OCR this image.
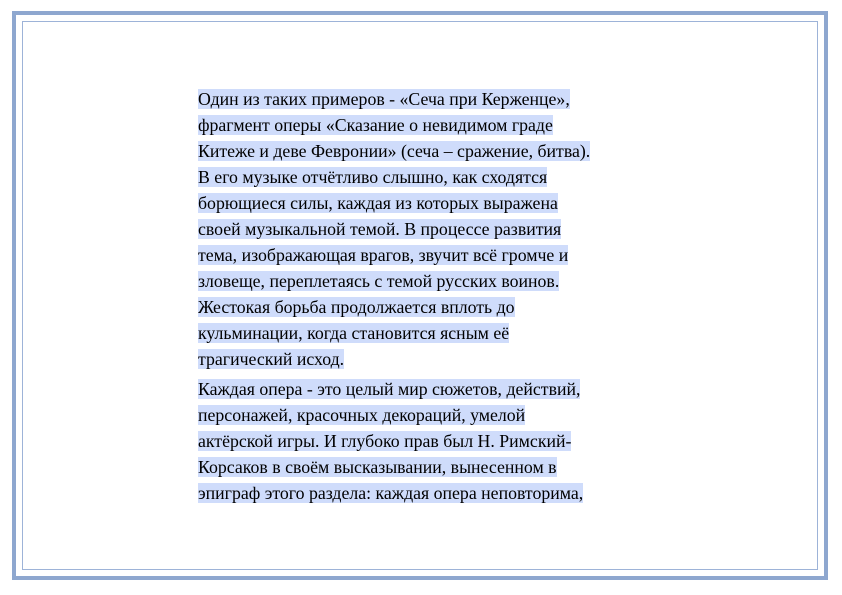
Один из таких примеров - «Сеча при Керженце»,
фрагмент оперы «Сказание о невидимом граде
Китеже и деве Февронии» (сеча – сражение, битва).
В его музыке отчётливо слышно, как сходятся
борющиеся силы, каждая из которых выражена
своей музыкальной темой. В процессе развития
тема, изображающая врагов, звучит всё громче и
зловеще, переплетаясь с темой русских воинов.
Жестокая борьба продолжается вплоть до
кульминации, когда становится ясным её
трагический исход.

Каждая опера - это целый мир сюжетов, действий,
персонажей, красочных декораций, умелой
актёрской игры. И глубоко прав был Н. Римский-
Корсаков в своём высказывании, вынесенном в
эпиграф этого раздела: каждая опера неповторима,
